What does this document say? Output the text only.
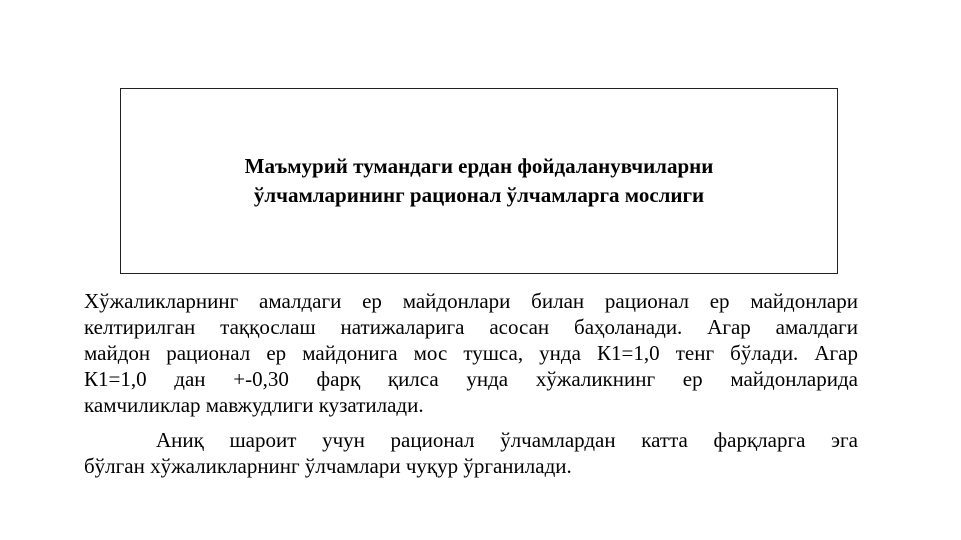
Маъмурий тумандаги ердан фойдаланувчиларни
ўлчамларининг рационал ўлчамларга мослиги
Хўжаликларнинг амалдаги ер майдонлари билан рационал ер майдонлари
келтирилган таққослаш натижаларига асосан баҳоланади. Агар амалдаги
майдон рационал ер майдонига мос тушса, унда К1=1,0 тенг бўлади. Агар
К1=1,0 дан +-0,30 фарқ қилса унда хўжаликнинг ер майдонларида
камчиликлар мавжудлиги кузатилади.
Аниқ шароит учун рационал ўлчамлардан катта фарқларга эга
бўлган хўжаликларнинг ўлчамлари чуқур ўрганилади.
